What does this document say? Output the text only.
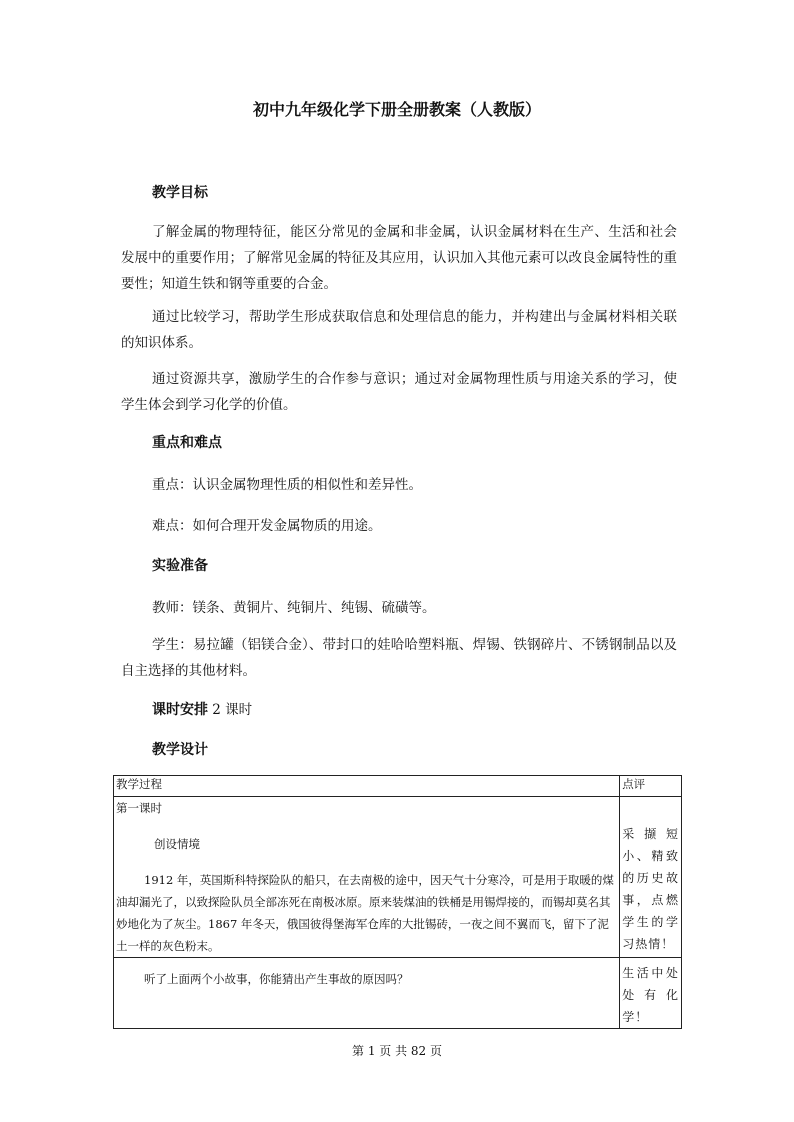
初中九年级化学下册全册教案（人教版）
教学目标
了解金属的物理特征，能区分常见的金属和非金属，认识金属材料在生产、生活和社会发展中的重要作用；了解常见金属的特征及其应用，认识加入其他元素可以改良金属特性的重要性；知道生铁和钢等重要的合金。
通过比较学习，帮助学生形成获取信息和处理信息的能力，并构建出与金属材料相关联的知识体系。
通过资源共享，激励学生的合作参与意识；通过对金属物理性质与用途关系的学习，使学生体会到学习化学的价值。
重点和难点
重点：认识金属物理性质的相似性和差异性。
难点：如何合理开发金属物质的用途。
实验准备
教师：镁条、黄铜片、纯铜片、纯锡、硫磺等。
学生：易拉罐（铝镁合金）、带封口的娃哈哈塑料瓶、焊锡、铁钢碎片、不锈钢制品以及自主选择的其他材料。
课时安排 2 课时
教学设计
教学过程	点评

第一课时
创设情境
1912 年，英国斯科特探险队的船只，在去南极的途中，因天气十分寒冷，可是用于取暖的煤油却漏光了，以致探险队员全部冻死在南极冰原。原来装煤油的铁桶是用锡焊接的，而锡却莫名其妙地化为了灰尘。1867 年冬天，俄国彼得堡海军仓库的大批锡砖，一夜之间不翼而飞，留下了泥土一样的灰色粉末。	采撷短小、精致的历史故事，点燃学生的学习热情！

听了上面两个小故事，你能猜出产生事故的原因吗？	生活中处处有化学！
第 1 页 共 82 页
